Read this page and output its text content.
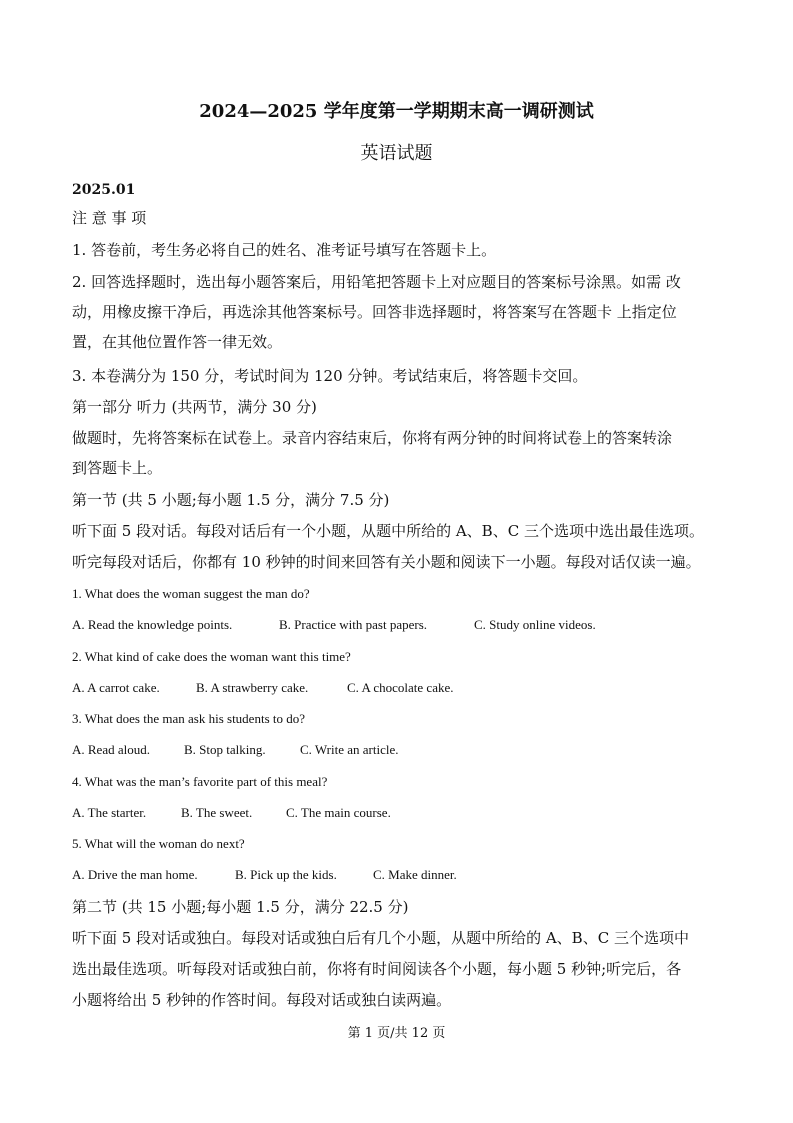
2024—2025 学年度第一学期期末高一调研测试
英语试题
2025.01
注 意 事 项
1. 答卷前，考生务必将自己的姓名、准考证号填写在答题卡上。
2. 回答选择题时，选出每小题答案后，用铅笔把答题卡上对应题目的答案标号涂黑。如需 改
动，用橡皮擦干净后，再选涂其他答案标号。回答非选择题时，将答案写在答题卡 上指定位
置，在其他位置作答一律无效。
3. 本卷满分为 150 分，考试时间为 120 分钟。考试结束后，将答题卡交回。
第一部分 听力 (共两节，满分 30 分)
做题时，先将答案标在试卷上。录音内容结束后，你将有两分钟的时间将试卷上的答案转涂
到答题卡上。
第一节 (共 5 小题;每小题 1.5 分，满分 7.5 分)
听下面 5 段对话。每段对话后有一个小题，从题中所给的 A、B、C 三个选项中选出最佳选项。
听完每段对话后，你都有 10 秒钟的时间来回答有关小题和阅读下一小题。每段对话仅读一遍。
1. What does the woman suggest the man do?
A. Read the knowledge points.	B. Practice with past papers.	C. Study online videos.
2. What kind of cake does the woman want this time?
A. A carrot cake.	B. A strawberry cake.	C. A chocolate cake.
3. What does the man ask his students to do?
A. Read aloud.	B. Stop talking.	C. Write an article.
4. What was the man’s favorite part of this meal?
A. The starter.	B. The sweet.	C. The main course.
5. What will the woman do next?
A. Drive the man home.	B. Pick up the kids.	C. Make dinner.
第二节 (共 15 小题;每小题 1.5 分，满分 22.5 分)
听下面 5 段对话或独白。每段对话或独白后有几个小题，从题中所给的 A、B、C 三个选项中
选出最佳选项。听每段对话或独白前，你将有时间阅读各个小题，每小题 5 秒钟;听完后，各
小题将给出 5 秒钟的作答时间。每段对话或独白读两遍。
第 1 页/共 12 页
